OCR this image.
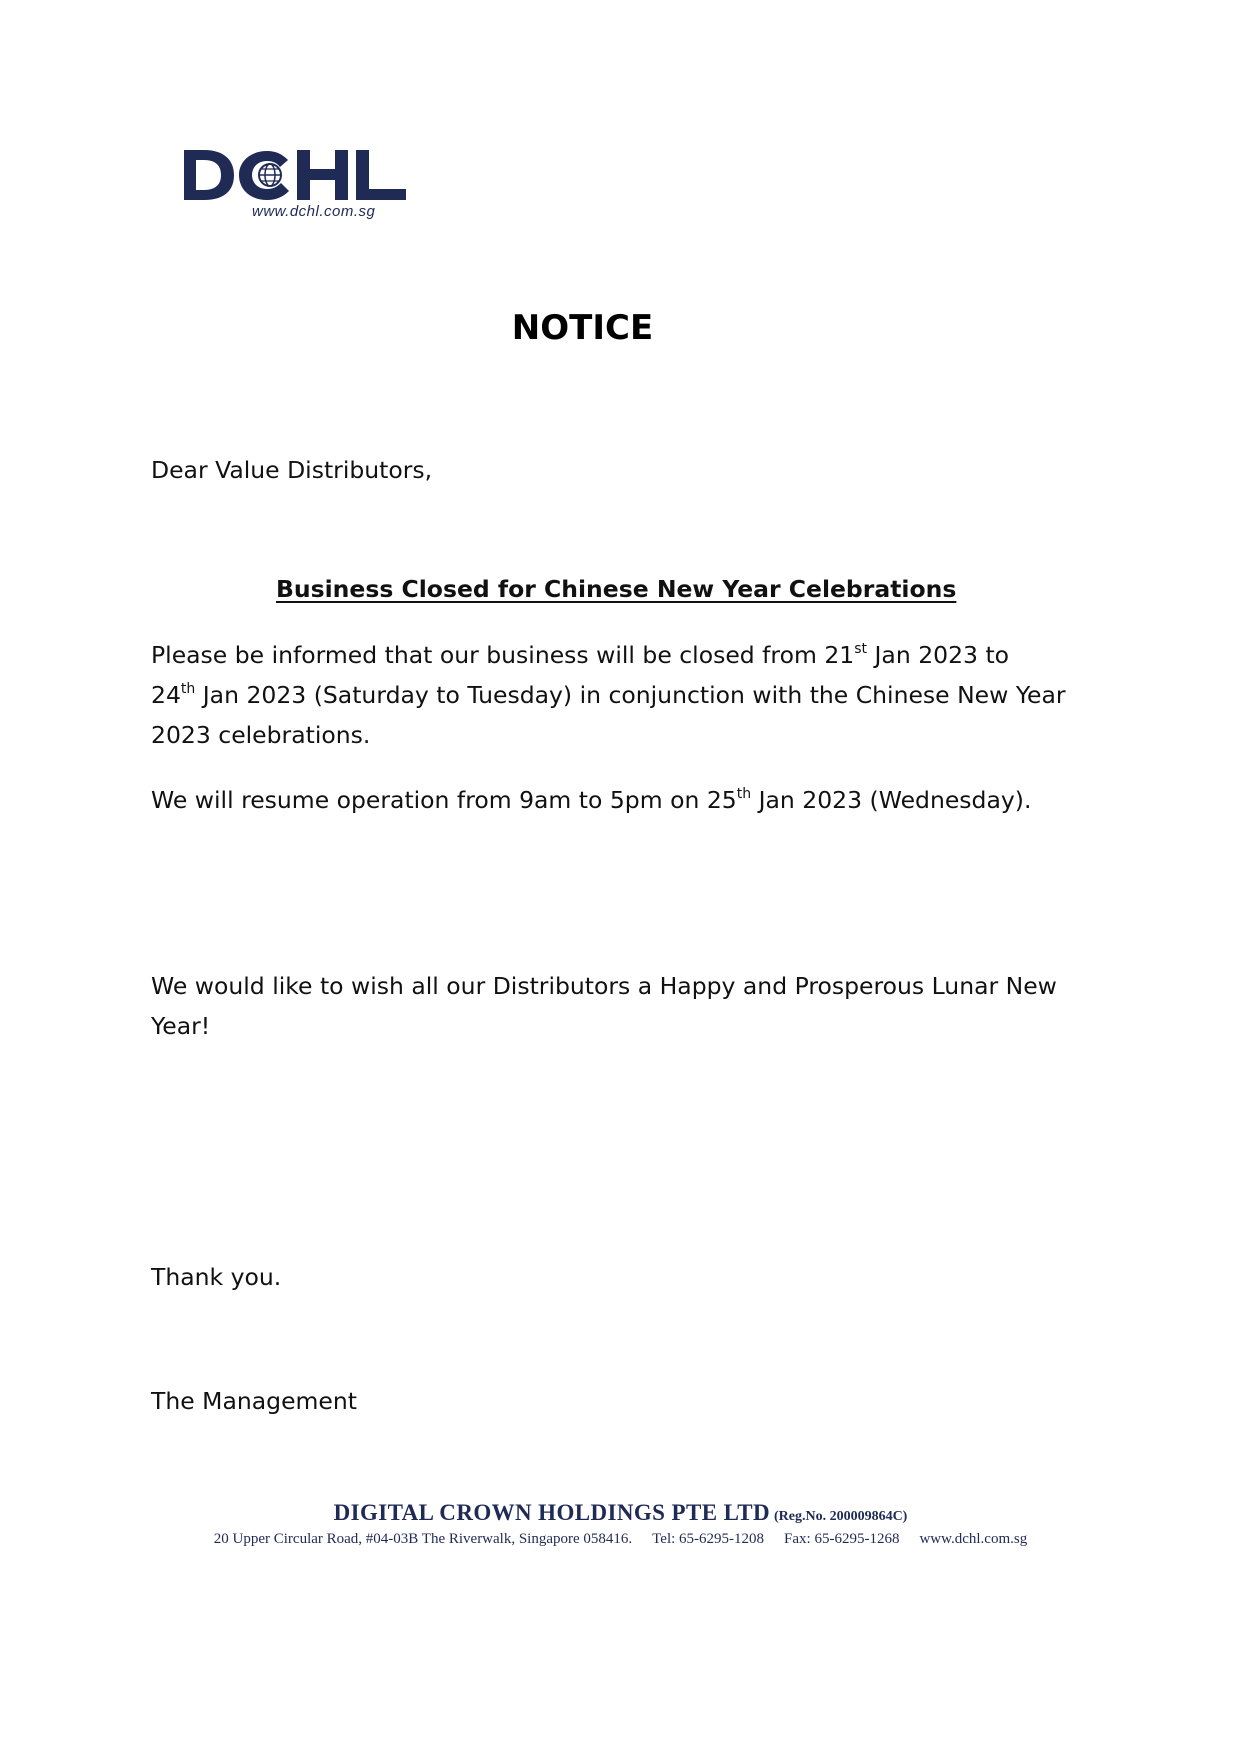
www.dchl.com.sg
NOTICE
Dear Value Distributors,
Business Closed for Chinese New Year Celebrations
Please be informed that our business will be closed from 21st Jan 2023 to
24th Jan 2023 (Saturday to Tuesday) in conjunction with the Chinese New Year
2023 celebrations.
We will resume operation from 9am to 5pm on 25th Jan 2023 (Wednesday).
We would like to wish all our Distributors a Happy and Prosperous Lunar New
Year!
Thank you.
The Management
DIGITAL CROWN HOLDINGS PTE LTD (Reg.No. 200009864C)
20 Upper Circular Road, #04-03B The Riverwalk, Singapore 058416. Tel: 65-6295-1208 Fax: 65-6295-1268 www.dchl.com.sg
